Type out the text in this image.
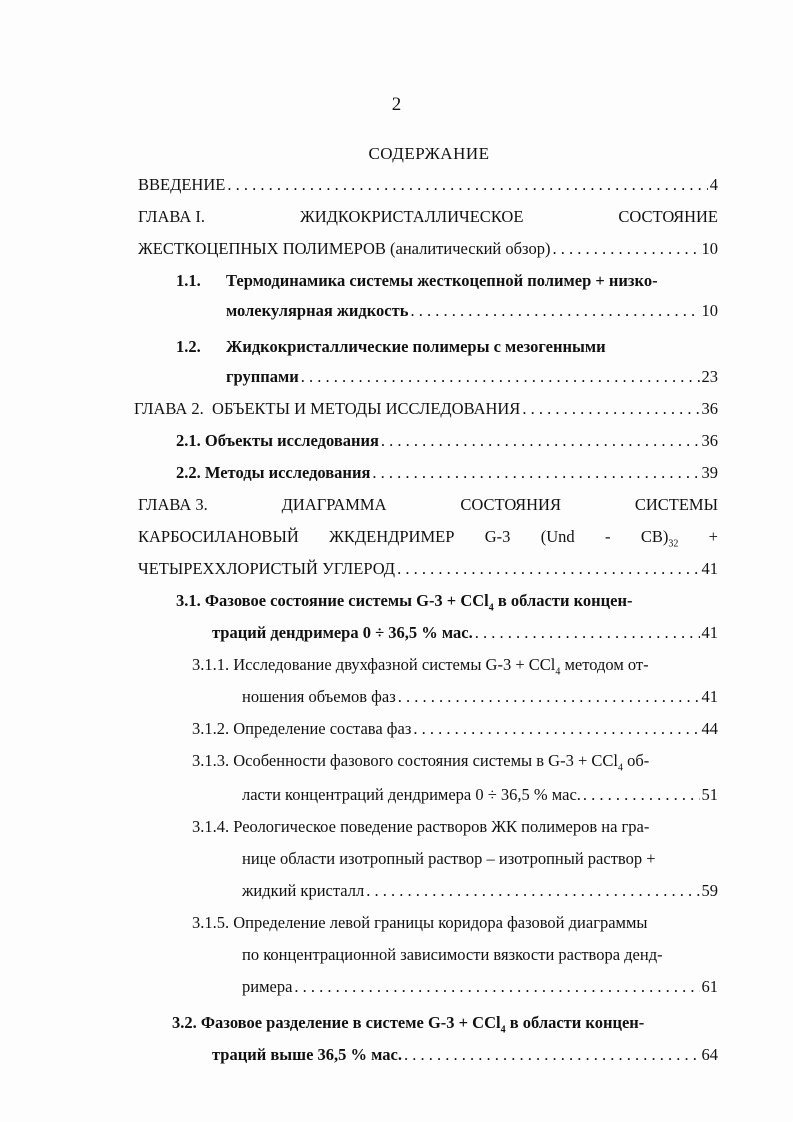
2
СОДЕРЖАНИЕ
ВВЕДЕНИЕ . . .	4
ГЛАВА I.	ЖИДКОКРИСТАЛЛИЧЕСКОЕ	СОСТОЯНИЕ
ЖЕСТКОЦЕПНЫХ ПОЛИМЕРОВ (аналитический обзор) . . .	10
1.1.	Термодинамика системы жесткоцепной полимер + низко-
молекулярная жидкость . . .	10
1.2.	Жидкокристаллические полимеры с мезогенными
группами . . .	23
ГЛАВА 2.  ОБЪЕКТЫ И МЕТОДЫ ИССЛЕДОВАНИЯ . . .	36
2.1. Объекты исследования . . .	36
2.2. Методы исследования . . .	39
ГЛАВА 3.	ДИАГРАММА	СОСТОЯНИЯ	СИСТЕМЫ
КАРБОСИЛАНОВЫЙ ЖКДЕНДРИМЕР G-3 $(Und - CB)_{32}$ +
ЧЕТЫРЕХХЛОРИСТЫЙ УГЛЕРОД . . .	41
3.1. Фазовое состояние системы G-3 + CCl$_4$ в области концен-
траций дендримера 0 ÷ 36,5 % мас. . . .	41
3.1.1. Исследование двухфазной системы G-3 + CCl$_4$ методом от-
ношения объемов фаз . . .	41
3.1.2. Определение состава фаз . . .	44
3.1.3. Особенности фазового состояния системы в G-3 + CCl$_4$ об-
ласти концентраций дендримера 0 ÷ 36,5 % мас. . . .	51
3.1.4. Реологическое поведение растворов ЖК полимеров на гра-
нице области изотропный раствор – изотропный раствор +
жидкий кристалл . . .	59
3.1.5. Определение левой границы коридора фазовой диаграммы
по концентрационной зависимости вязкости раствора денд-
римера . . .	61
3.2. Фазовое разделение в системе G-3 + CCl$_4$ в области концен-
траций выше 36,5 % мас. . . .	64
